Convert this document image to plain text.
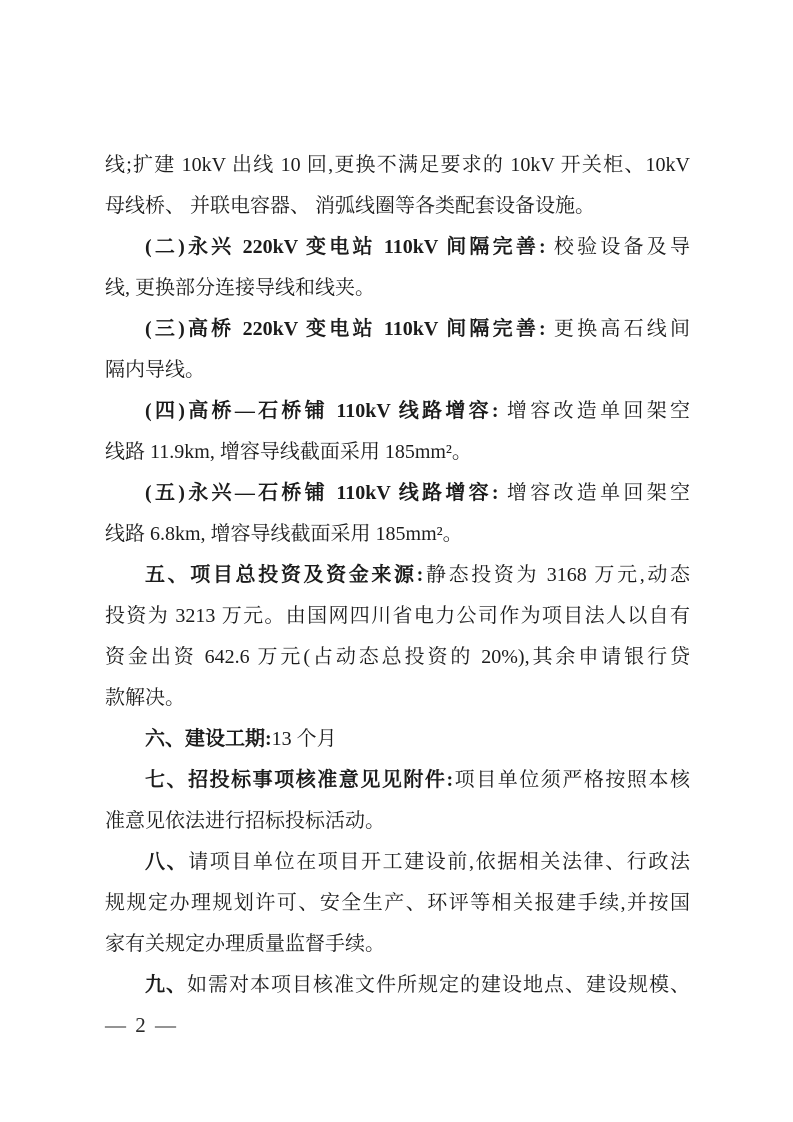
线;扩建 10kV 出线 10 回,更换不满足要求的 10kV 开关柜、10kV
母线桥、 并联电容器、 消弧线圈等各类配套设备设施。
(二)永兴 220kV 变电站 110kV 间隔完善: 校验设备及导
线, 更换部分连接导线和线夹。
(三)高桥 220kV 变电站 110kV 间隔完善: 更换高石线间
隔内导线。
(四)高桥—石桥铺 110kV 线路增容: 增容改造单回架空
线路 11.9km, 增容导线截面采用 185mm²。
(五)永兴—石桥铺 110kV 线路增容: 增容改造单回架空
线路 6.8km, 增容导线截面采用 185mm²。
五、项目总投资及资金来源:静态投资为 3168 万元,动态
投资为 3213 万元。由国网四川省电力公司作为项目法人以自有
资金出资 642.6 万元(占动态总投资的 20%),其余申请银行贷
款解决。
六、建设工期:13 个月
七、招投标事项核准意见见附件:项目单位须严格按照本核
准意见依法进行招标投标活动。
八、请项目单位在项目开工建设前,依据相关法律、行政法
规规定办理规划许可、安全生产、环评等相关报建手续,并按国
家有关规定办理质量监督手续。
九、如需对本项目核准文件所规定的建设地点、建设规模、
— 2 —
